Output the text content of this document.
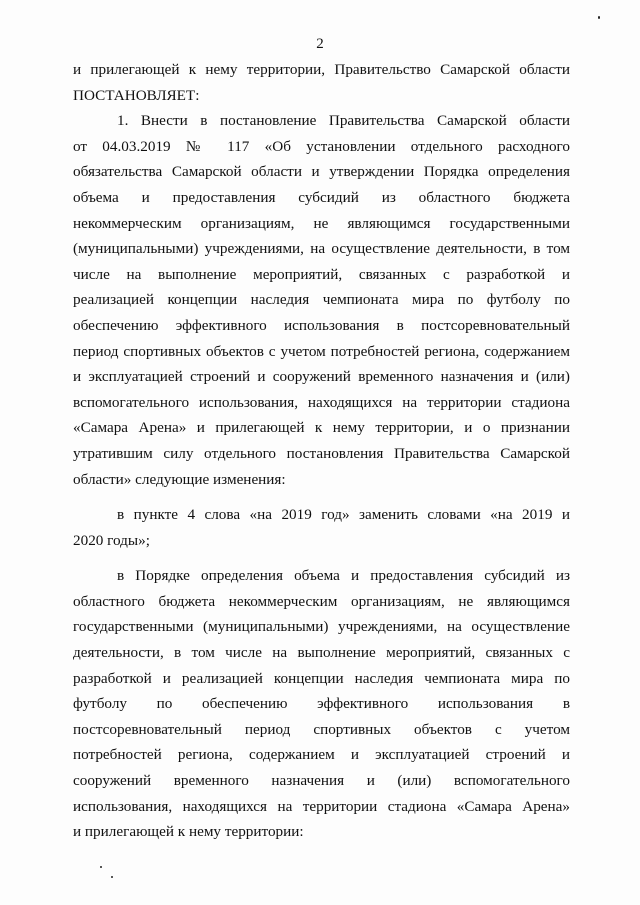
2
и прилегающей к нему территории, Правительство Самарской области
ПОСТАНОВЛЯЕТ:
1. Внести в постановление Правительства Самарской области
от 04.03.2019 № 117 «Об установлении отдельного расходного
обязательства Самарской области и утверждении Порядка определения
объема и предоставления субсидий из областного бюджета
некоммерческим организациям, не являющимся государственными
(муниципальными) учреждениями, на осуществление деятельности, в том
числе на выполнение мероприятий, связанных с разработкой и
реализацией концепции наследия чемпионата мира по футболу по
обеспечению эффективного использования в постсоревновательный
период спортивных объектов с учетом потребностей региона, содержанием
и эксплуатацией строений и сооружений временного назначения и (или)
вспомогательного использования, находящихся на территории стадиона
«Самара Арена» и прилегающей к нему территории, и о признании
утратившим силу отдельного постановления Правительства Самарской
области» следующие изменения:
в пункте 4 слова «на 2019 год» заменить словами «на 2019 и
2020 годы»;
в Порядке определения объема и предоставления субсидий из
областного бюджета некоммерческим организациям, не являющимся
государственными (муниципальными) учреждениями, на осуществление
деятельности, в том числе на выполнение мероприятий, связанных с
разработкой и реализацией концепции наследия чемпионата мира по
футболу по обеспечению эффективного использования в
постсоревновательный период спортивных объектов с учетом
потребностей региона, содержанием и эксплуатацией строений и
сооружений временного назначения и (или) вспомогательного
использования, находящихся на территории стадиона «Самара Арена»
и прилегающей к нему территории:
